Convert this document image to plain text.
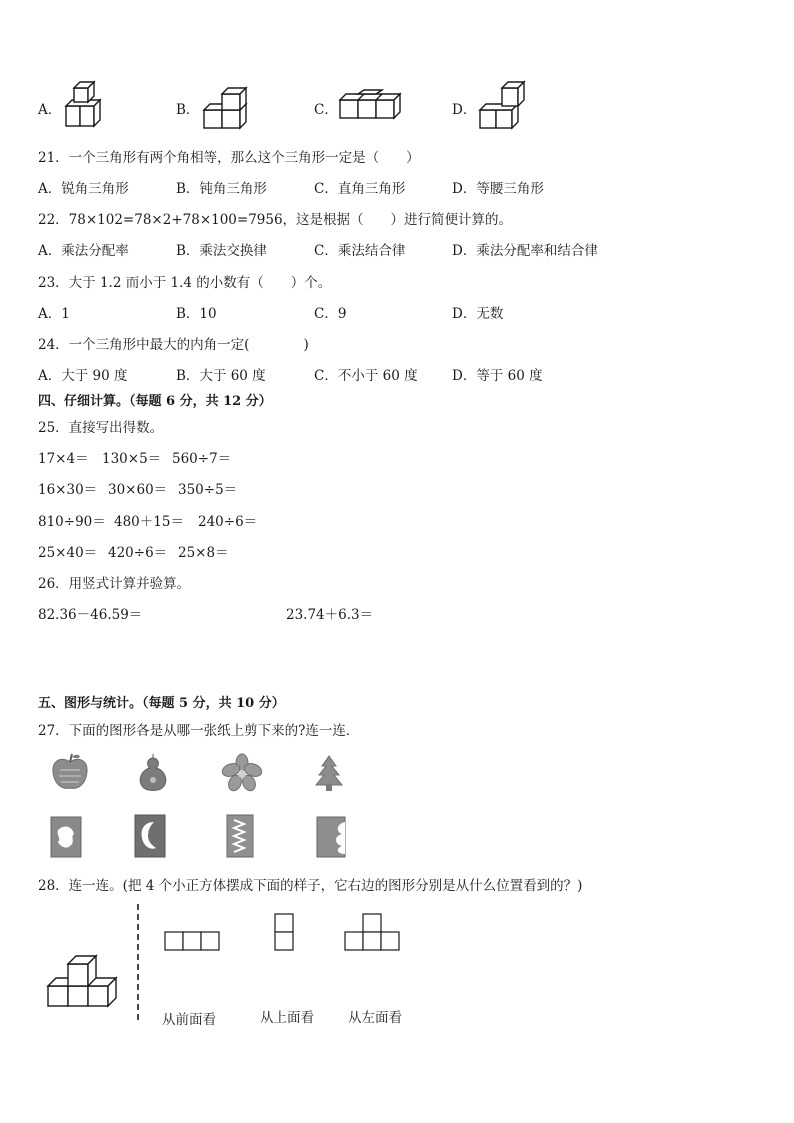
A．	B．	C．	D．
21．一个三角形有两个角相等，那么这个三角形一定是（　　）
A．锐角三角形	B．钝角三角形	C．直角三角形	D．等腰三角形
22．78×102=78×2+78×100=7956，这是根据（　　）进行简便计算的。
A．乘法分配率	B．乘法交换律	C．乘法结合律	D．乘法分配率和结合律
23．大于 1.2 而小于 1.4 的小数有（　　）个。
A．1	B．10	C．9	D．无数
24．一个三角形中最大的内角一定(　　　　)
A．大于 90 度	B．大于 60 度	C．不小于 60 度	D．等于 60 度
四、仔细计算。（每题 6 分，共 12 分）
25．直接写出得数。
17×4＝ 130×5＝ 560÷7＝
16×30＝ 30×60＝ 350÷5＝
810÷90＝ 480＋15＝ 240÷6＝
25×40＝ 420÷6＝ 25×8＝
26．用竖式计算并验算。
82.36－46.59＝	23.74＋6.3＝
五、图形与统计。（每题 5 分，共 10 分）
27．下面的图形各是从哪一张纸上剪下来的?连一连．
28．连一连。(把 4 个小正方体摆成下面的样子，它右边的图形分别是从什么位置看到的？)
从前面看	从上面看	从左面看
